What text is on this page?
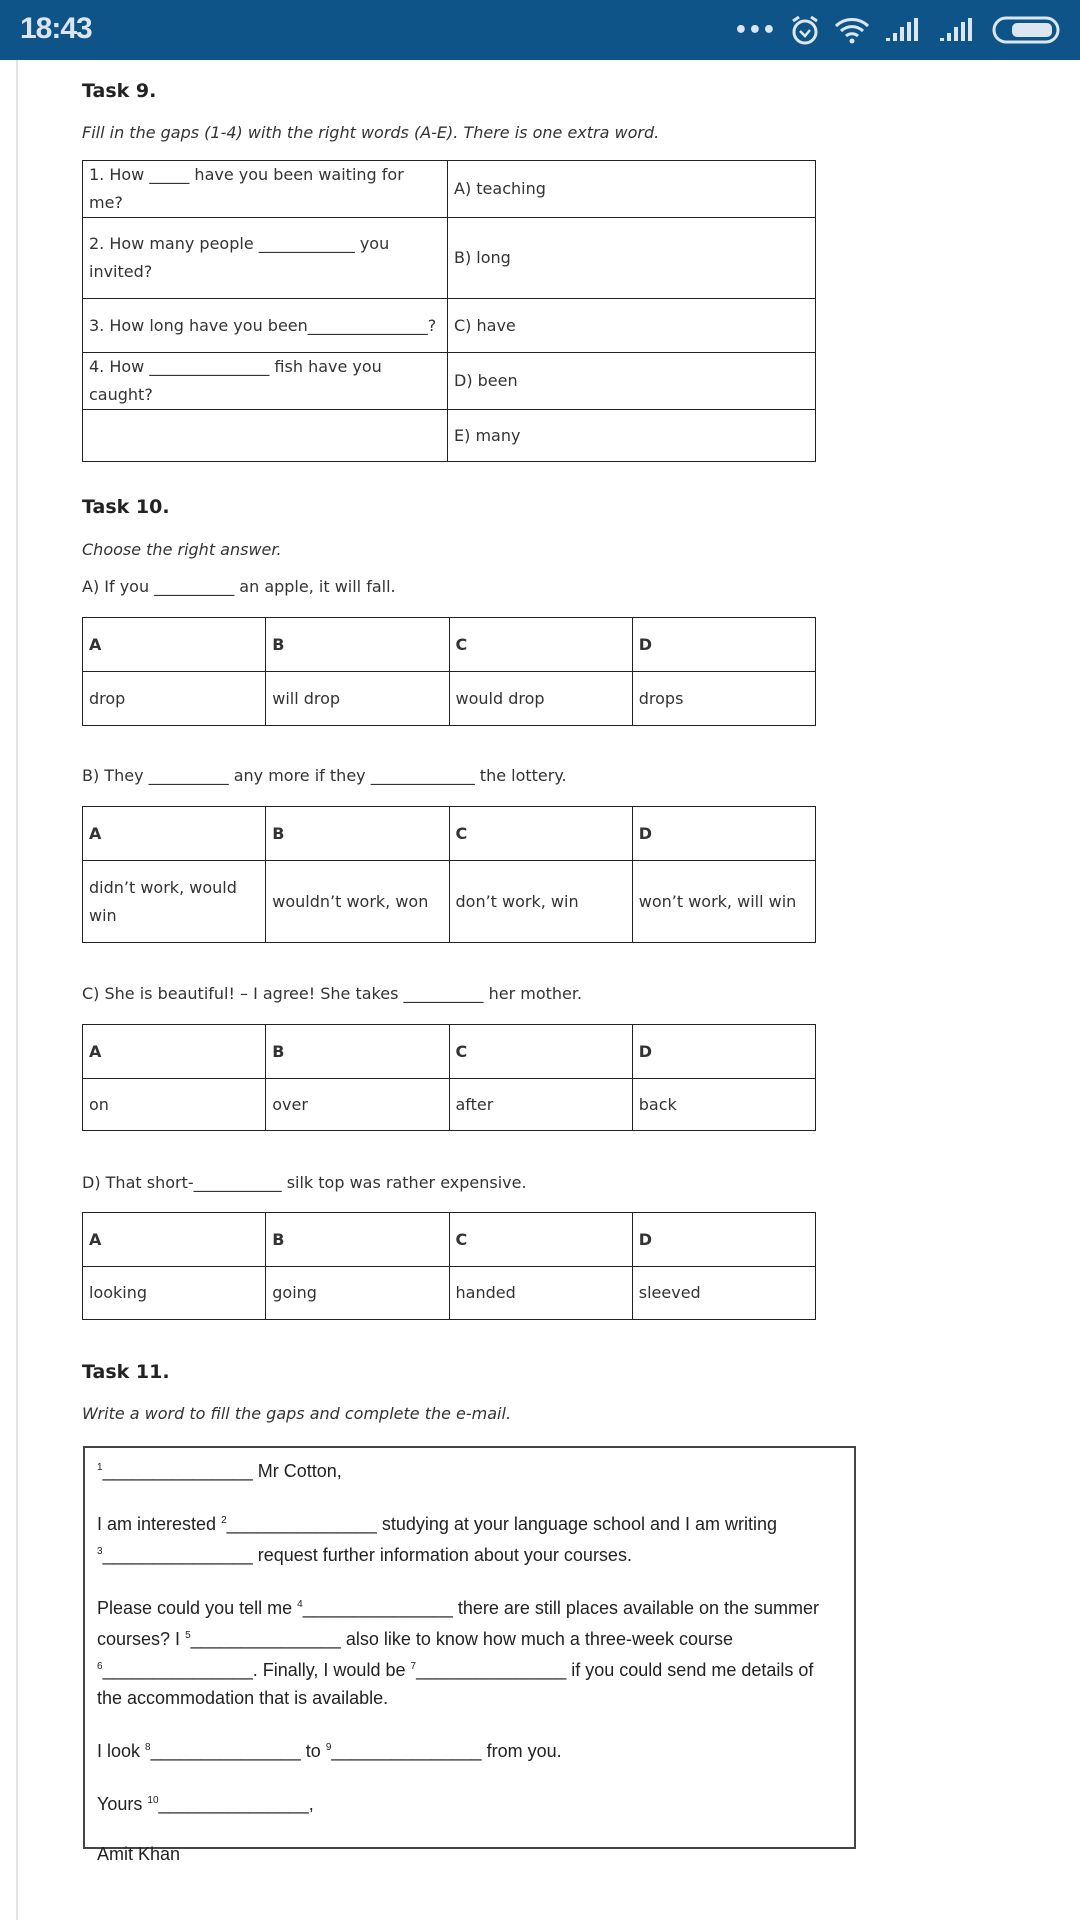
18:43	•••
Task 9.
Fill in the gaps (1-4) with the right words (A-E). There is one extra word.
1. How _____ have you been waiting for me?	A) teaching
2. How many people ____________ you invited?	B) long
3. How long have you been_______________?	C) have
4. How _______________ fish have you caught?	D) been
	E) many
Task 10.
Choose the right answer.
A) If you __________ an apple, it will fall.
A	B	C	D
drop	will drop	would drop	drops
B) They __________ any more if they _____________ the lottery.
A	B	C	D
didn’t work, would win	wouldn’t work, won	don’t work, win	won’t work, will win
C) She is beautiful! – I agree! She takes __________ her mother.
A	B	C	D
on	over	after	back
D) That short-___________ silk top was rather expensive.
A	B	C	D
looking	going	handed	sleeved
Task 11.
Write a word to fill the gaps and complete the e-mail.

$^1$_______________ Mr Cotton,

I am interested $^2$_______________ studying at your language school and I am writing
$^3$_______________ request further information about your courses.

Please could you tell me $^4$_______________ there are still places available on the summer courses? I $^5$_______________ also like to know how much a three-week course
$^6$_______________. Finally, I would be $^7$_______________ if you could send me details of the accommodation that is available.

I look $^8$_______________ to $^9$_______________ from you.

Yours $^{10}$_______________,

Amit Khan
